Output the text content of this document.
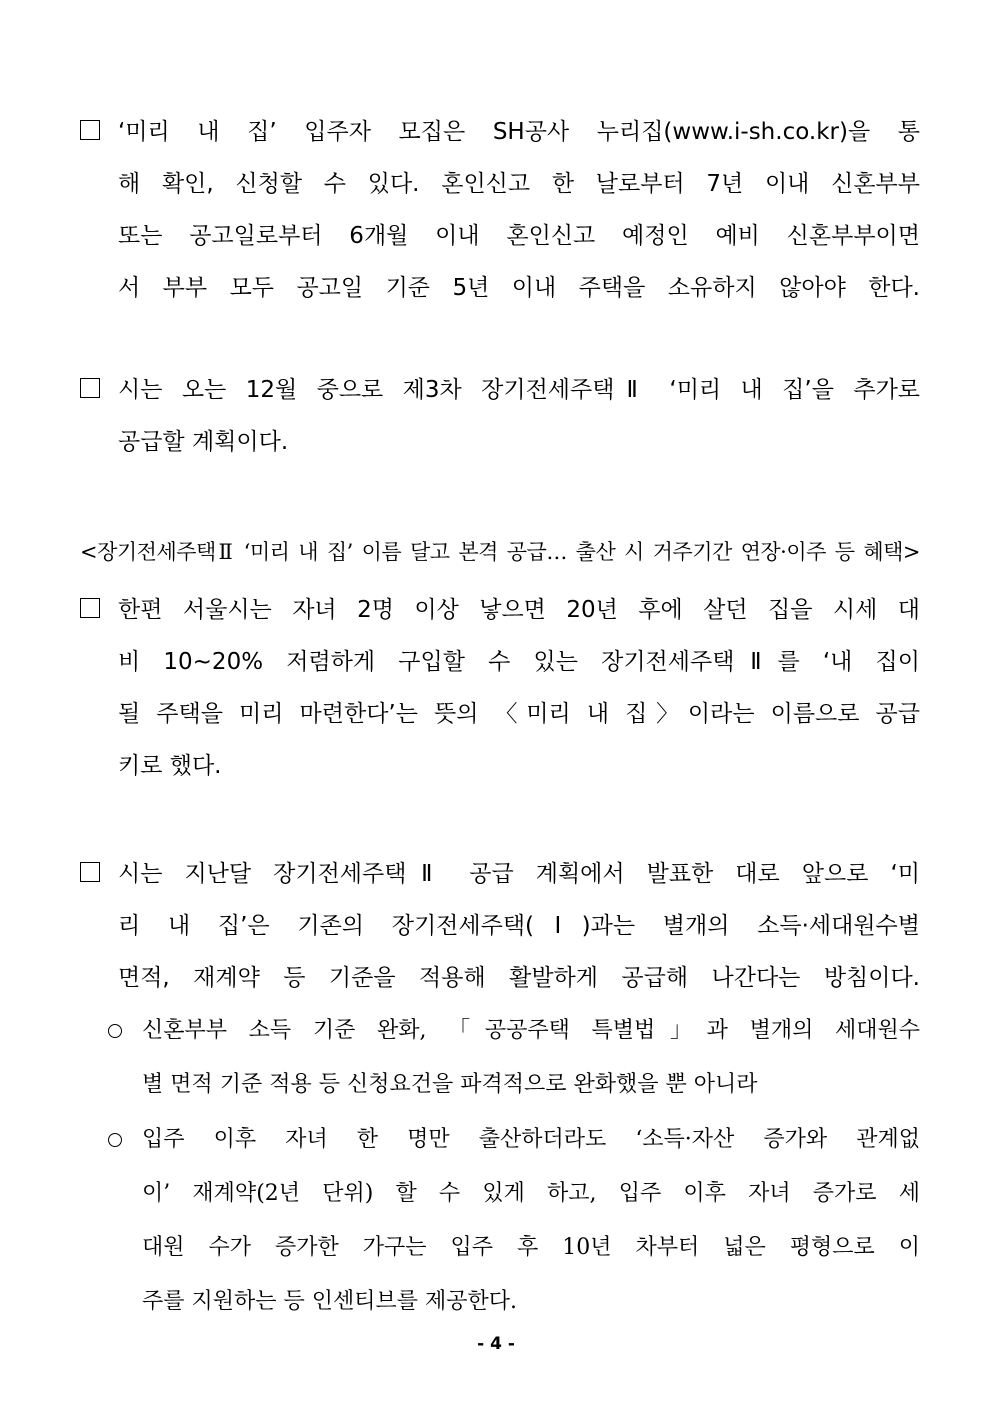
‘미리 내 집’ 입주자 모집은 SH공사 누리집(www.i-sh.co.kr)을 통
해 확인, 신청할 수 있다. 혼인신고 한 날로부터 7년 이내 신혼부부
또는 공고일로부터 6개월 이내 혼인신고 예정인 예비 신혼부부이면
서 부부 모두 공고일 기준 5년 이내 주택을 소유하지 않아야 한다.
시는 오는 12월 중으로 제3차 장기전세주택Ⅱ ‘미리 내 집’을 추가로
공급할 계획이다.
<장기전세주택Ⅱ ‘미리 내 집’ 이름 달고 본격 공급… 출산 시 거주기간 연장·이주 등 혜택>
한편 서울시는 자녀 2명 이상 낳으면 20년 후에 살던 집을 시세 대
비 10~20% 저렴하게 구입할 수 있는 장기전세주택Ⅱ를 ‘내 집이
될 주택을 미리 마련한다’는 뜻의 〈미리 내 집〉이라는 이름으로 공급
키로 했다.
시는 지난달 장기전세주택Ⅱ 공급 계획에서 발표한 대로 앞으로 ‘미
리 내 집’은 기존의 장기전세주택(Ⅰ)과는 별개의 소득·세대원수별
면적, 재계약 등 기준을 적용해 활발하게 공급해 나간다는 방침이다.
신혼부부 소득 기준 완화, 「공공주택 특별법」과 별개의 세대원수
별 면적 기준 적용 등 신청요건을 파격적으로 완화했을 뿐 아니라
입주 이후 자녀 한 명만 출산하더라도 ‘소득·자산 증가와 관계없
이’ 재계약(2년 단위) 할 수 있게 하고, 입주 이후 자녀 증가로 세
대원 수가 증가한 가구는 입주 후 10년 차부터 넓은 평형으로 이
주를 지원하는 등 인센티브를 제공한다.
- 4 -
